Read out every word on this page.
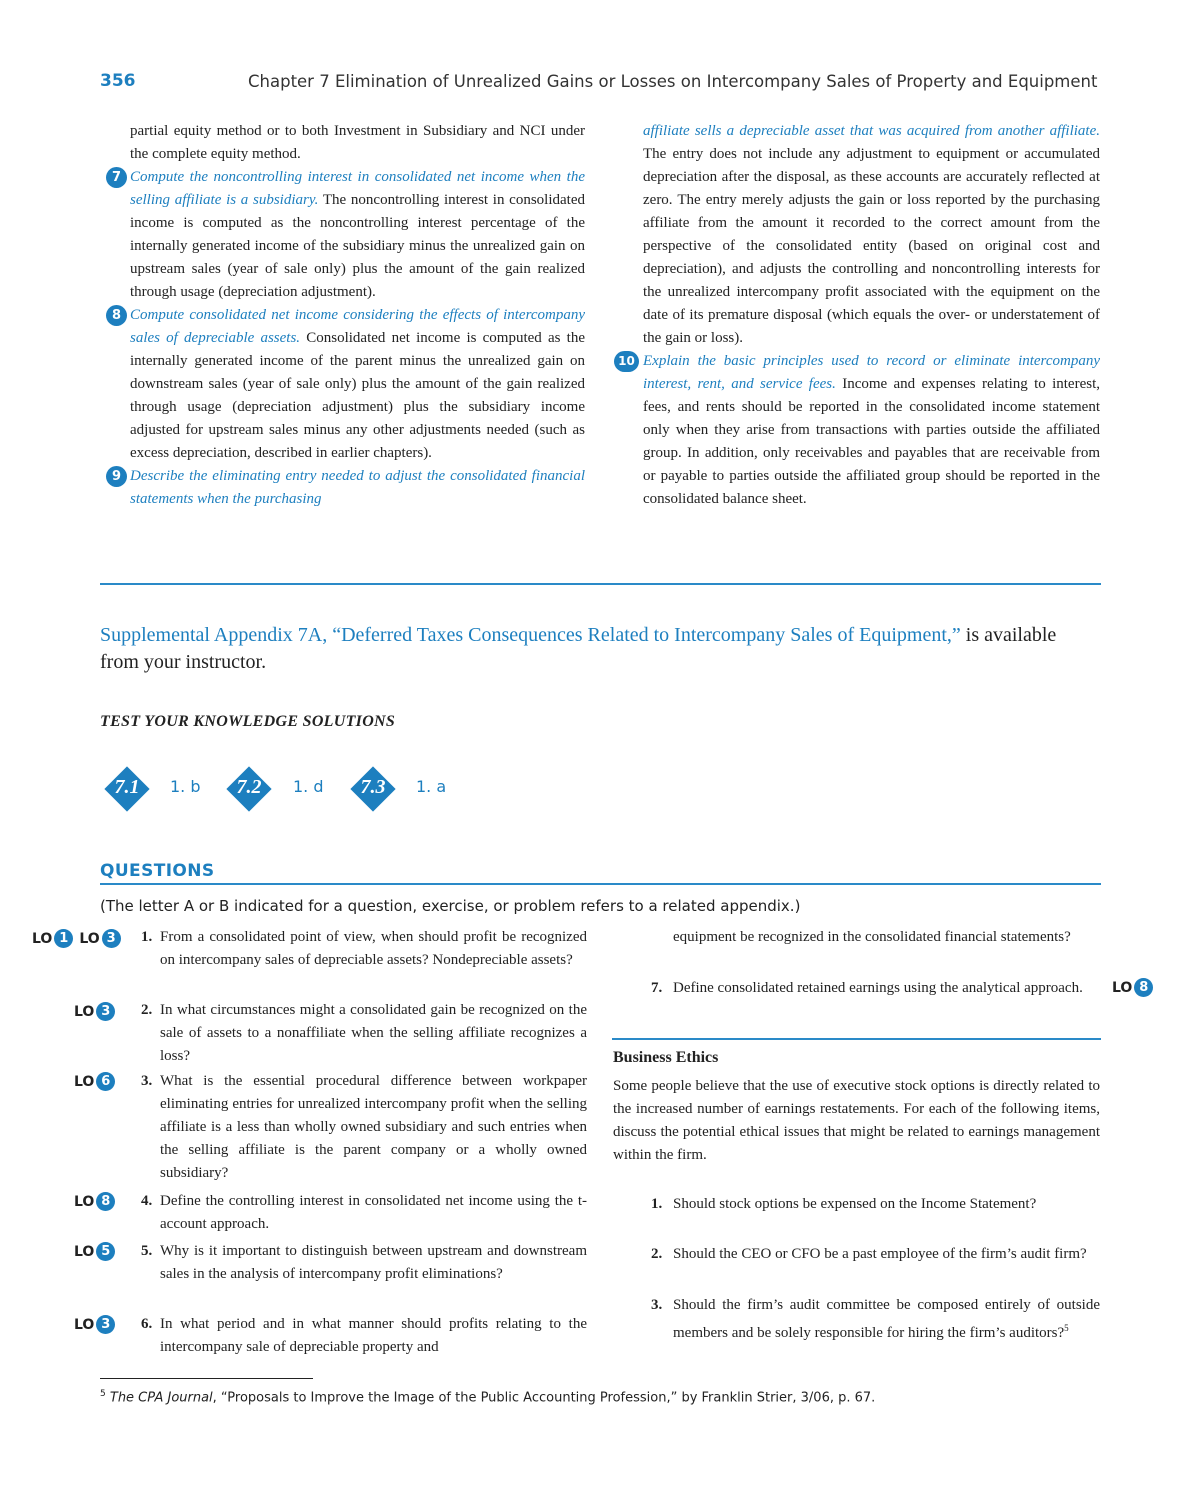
356	Chapter 7 Elimination of Unrealized Gains or Losses on Intercompany Sales of Property and Equipment

partial equity method or to both Investment in Subsidiary and NCI under the complete equity method.

7 Compute the noncontrolling interest in consolidated net income when the selling affiliate is a subsidiary. The noncontrolling interest in consolidated income is computed as the noncontrolling interest percentage of the internally generated income of the subsidiary minus the unrealized gain on upstream sales (year of sale only) plus the amount of the gain realized through usage (depreciation adjustment).
8 Compute consolidated net income considering the effects of intercompany sales of depreciable assets. Consolidated net income is computed as the internally generated income of the parent minus the unrealized gain on downstream sales (year of sale only) plus the amount of the gain realized through usage (depreciation adjustment) plus the subsidiary income adjusted for upstream sales minus any other adjustments needed (such as excess depreciation, described in earlier chapters).
9 Describe the eliminating entry needed to adjust the consolidated financial statements when the purchasing
affiliate sells a depreciable asset that was acquired from another affiliate. The entry does not include any adjustment to equipment or accumulated depreciation after the disposal, as these accounts are accurately reflected at zero. The entry merely adjusts the gain or loss reported by the purchasing affiliate from the amount it recorded to the correct amount from the perspective of the consolidated entity (based on original cost and depreciation), and adjusts the controlling and noncontrolling interests for the unrealized intercompany profit associated with the equipment on the date of its premature disposal (which equals the over- or understatement of the gain or loss).
10 Explain the basic principles used to record or eliminate intercompany interest, rent, and service fees. Income and expenses relating to interest, fees, and rents should be reported in the consolidated income statement only when they arise from transactions with parties outside the affiliated group. In addition, only receivables and payables that are receivable from or payable to parties outside the affiliated group should be reported in the consolidated balance sheet.
Supplemental Appendix 7A, “Deferred Taxes Consequences Related to Intercompany Sales of Equipment,” is available from your instructor.
TEST YOUR KNOWLEDGE SOLUTIONS
7.1	1. b	7.2	1. d	7.3	1. a
QUESTIONS
(The letter A or B indicated for a question, exercise, or problem refers to a related appendix.)
LO 1 LO 3
LO 3
LO 6
LO 8
LO 5
LO 3
LO 8
1. From a consolidated point of view, when should profit be recognized on intercompany sales of depreciable assets? Nondepreciable assets?
2. In what circumstances might a consolidated gain be recognized on the sale of assets to a nonaffiliate when the selling affiliate recognizes a loss?
3. What is the essential procedural difference between workpaper eliminating entries for unrealized intercompany profit when the selling affiliate is a less than wholly owned subsidiary and such entries when the selling affiliate is the parent company or a wholly owned subsidiary?
4. Define the controlling interest in consolidated net income using the t-account approach.
5. Why is it important to distinguish between upstream and downstream sales in the analysis of intercompany profit eliminations?
6. In what period and in what manner should profits relating to the intercompany sale of depreciable property and
equipment be recognized in the consolidated financial statements?
7. Define consolidated retained earnings using the analytical approach.
Business Ethics
Some people believe that the use of executive stock options is directly related to the increased number of earnings restatements. For each of the following items, discuss the potential ethical issues that might be related to earnings management within the firm.
1. Should stock options be expensed on the Income Statement?
2. Should the CEO or CFO be a past employee of the firm’s audit firm?
3. Should the firm’s audit committee be composed entirely of outside members and be solely responsible for hiring the firm’s auditors?$^5$
$^5$ The CPA Journal, “Proposals to Improve the Image of the Public Accounting Profession,” by Franklin Strier, 3/06, p. 67.
